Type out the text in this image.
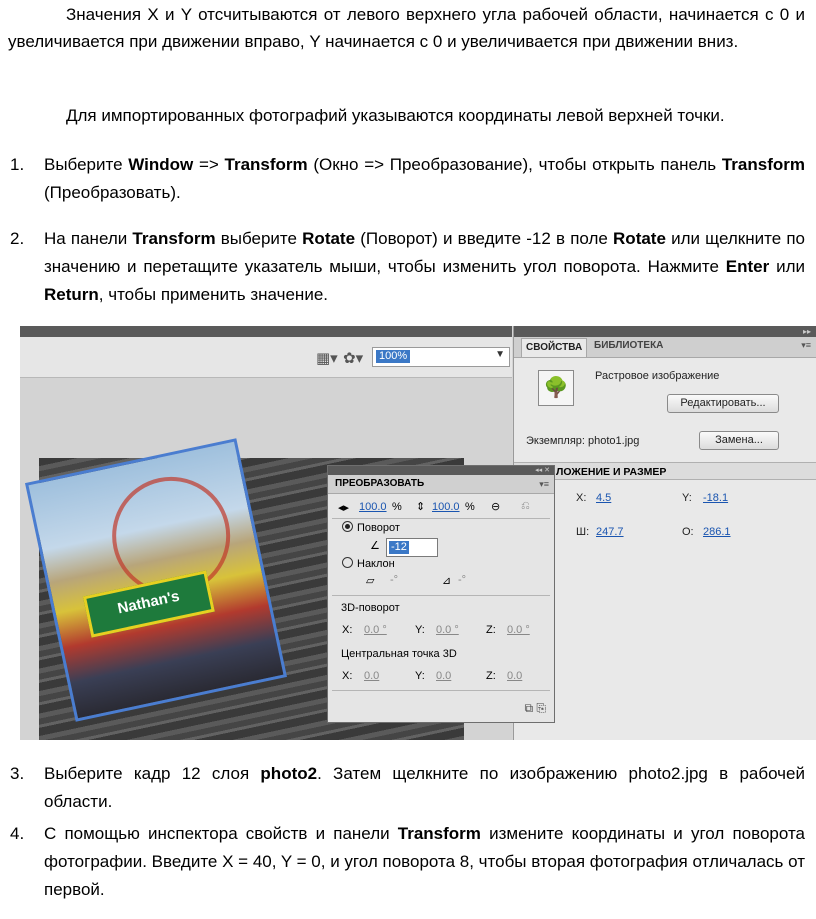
Значения X и Y отсчитываются от левого верхнего угла рабочей области, начинается с 0 и увеличивается при движении вправо, Y начинается с 0 и увеличивается при движении вниз.
Для импортированных фотографий указываются координаты левой верхней точки.
1. Выберите Window => Transform (Окно => Преобразование), чтобы открыть панель Transform (Преобразовать).
2. На панели Transform выберите Rotate (Поворот) и введите -12 в поле Rotate или щелкните по значению и перетащите указатель мыши, чтобы изменить угол поворота. Нажмите Enter или Return, чтобы применить значение.
▦▾ ✿▾ 100%	▼
Nathan's
▸▸
СВОЙСТВА	БИБЛИОТЕКА	▾≡
🌳
Растровое изображение
Редактировать...
Экземпляр: photo1.jpg	Замена...
ЛОЖЕНИЕ И РАЗМЕР
X: 4.5	Y: -18.1
Ш: 247.7	О: 286.1
◂◂ ✕
ПРЕОБРАЗОВАТЬ	▾≡
◂▸ 100.0 % ⇕ 100.0 % ⊖ ⎌
Поворот
∠ -12
Наклон
▱ -°	⊿ -°
3D-поворот
X: 0.0 °	Y: 0.0 ° Z: 0.0 °
Центральная точка 3D
X: 0.0	Y: 0.0	Z: 0.0
⧉ ⎘
3. Выберите кадр 12 слоя photo2. Затем щелкните по изображению photo2.jpg в рабочей области.
4. С помощью инспектора свойств и панели Transform измените координаты и угол поворота фотографии. Введите X = 40, Y = 0, и угол поворота 8, чтобы вторая фотография отличалась от первой.
